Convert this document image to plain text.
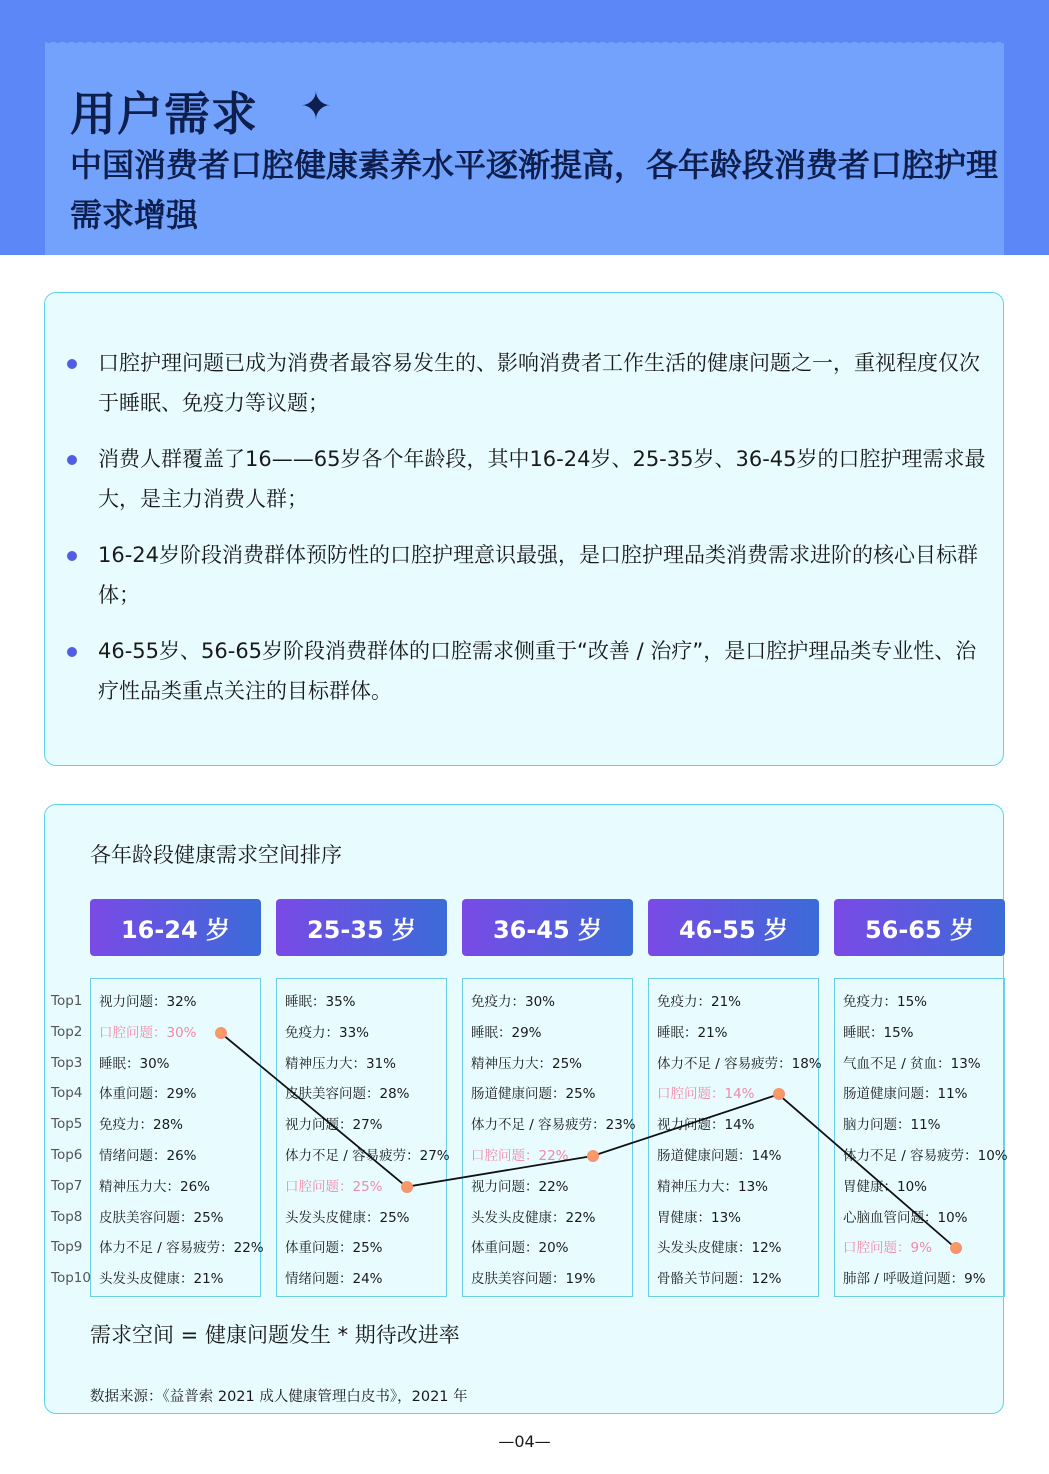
用户需求 ✦
中国消费者口腔健康素养水平逐渐提高，各年龄段消费者口腔护理需求增强
口腔护理问题已成为消费者最容易发生的、影响消费者工作生活的健康问题之一，重视程度仅次于睡眠、免疫力等议题；
消费人群覆盖了16——65岁各个年龄段，其中16-24岁、25-35岁、36-45岁的口腔护理需求最大，是主力消费人群；
16-24岁阶段消费群体预防性的口腔护理意识最强，是口腔护理品类消费需求进阶的核心目标群体；
46-55岁、56-65岁阶段消费群体的口腔需求侧重于“改善 / 治疗”，是口腔护理品类专业性、治疗性品类重点关注的目标群体。
各年龄段健康需求空间排序
Top1
Top2
Top3
Top4
Top5
Top6
Top7
Top8
Top9
Top10
16-24 岁
视力问题：32%
口腔问题：30%
睡眠：30%
体重问题：29%
免疫力：28%
情绪问题：26%
精神压力大：26%
皮肤美容问题：25%
体力不足 / 容易疲劳：22%
头发头皮健康：21%
25-35 岁
睡眠：35%
免疫力：33%
精神压力大：31%
皮肤美容问题：28%
视力问题：27%
体力不足 / 容易疲劳：27%
口腔问题：25%
头发头皮健康：25%
体重问题：25%
情绪问题：24%
36-45 岁
免疫力：30%
睡眠：29%
精神压力大：25%
肠道健康问题：25%
体力不足 / 容易疲劳：23%
口腔问题：22%
视力问题：22%
头发头皮健康：22%
体重问题：20%
皮肤美容问题：19%
46-55 岁
免疫力：21%
睡眠：21%
体力不足 / 容易疲劳：18%
口腔问题：14%
视力问题：14%
肠道健康问题：14%
精神压力大：13%
胃健康：13%
头发头皮健康：12%
骨骼关节问题：12%
56-65 岁
免疫力：15%
睡眠：15%
气血不足 / 贫血：13%
肠道健康问题：11%
脑力问题：11%
体力不足 / 容易疲劳：10%
胃健康：10%
心脑血管问题：10%
口腔问题：9%
肺部 / 呼吸道问题：9%
需求空间 = 健康问题发生 * 期待改进率
数据来源：《益普索 2021 成人健康管理白皮书》，2021 年
—04—
